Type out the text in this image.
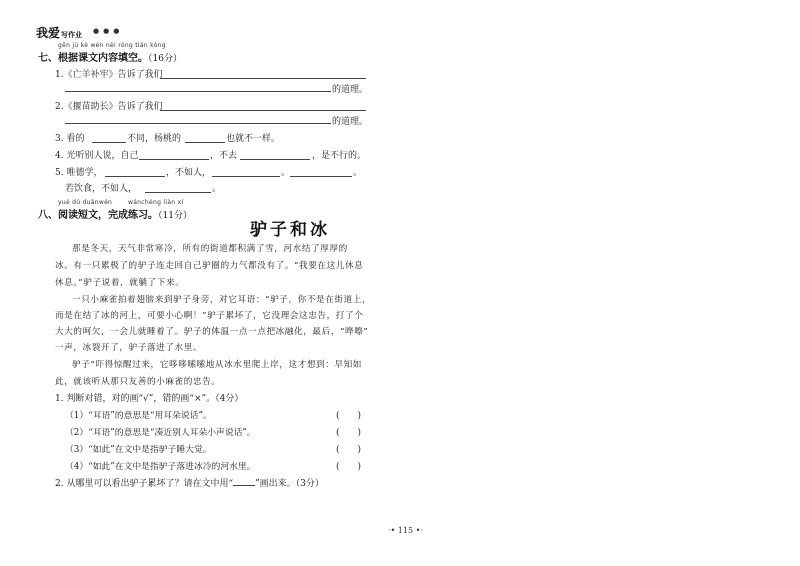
我爱写作业 ●●●
gēn jù kè wén nèi róng tián kòng
七、根据课文内容填空。（16分）
1.《亡羊补牢》告诉了我们
的道理。
2.《揠苗助长》告诉了我们
的道理。
3. 看的	不同，杨桃的	也就不一样。
4. 光听别人说，自己	，不去	，是不行的。
5. 唯德学，	，不如人，	。	。
若饮食，不如人，	。
yuè dú duǎnwén	wánchéng liàn xí
八、阅读短文，完成练习。（11分）
驴子和冰
那是冬天，天气非常寒冷，所有的街道都积满了雪，河水结了厚厚的
冰。有一只累极了的驴子连走回自己驴圈的力气都没有了。“我要在这儿休息
休息。”驴子说着，就躺了下来。
一只小麻雀拍着翅膀来到驴子身旁，对它耳语：“驴子，你不是在街道上，
而是在结了冰的河上，可要小心啊！”驴子累坏了，它没理会这忠告，打了个
大大的呵欠，一会儿就睡着了。驴子的体温一点一点把冰融化，最后，“哗嚓”
一声，冰裂开了，驴子落进了水里。
驴子“吓得惊醒过来，它哆哆嗦嗦地从冰水里爬上岸，这才想到：早知如
此，就该听从那只友善的小麻雀的忠告。
1. 判断对错，对的画“√”，错的画“×”。（4分）
（1）“耳语”的意思是“用耳朵说话”。	(　　)
（2）“耳语”的意思是“凑近别人耳朵小声说话”。	(　　)
（3）“如此”在文中是指驴子睡大觉。	(　　)
（4）“如此”在文中是指驴子落进冰冷的河水里。	(　　)
2. 从哪里可以看出驴子累坏了？请在文中用“ ”画出来。（3分）
·• 115 •·
